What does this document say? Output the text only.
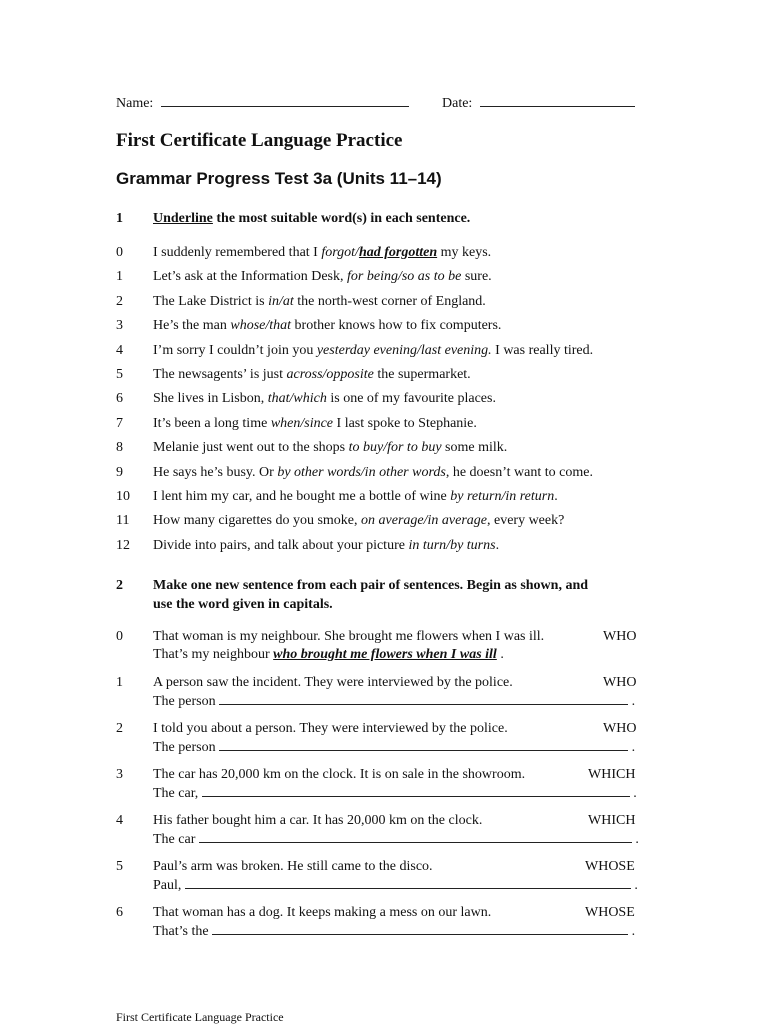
Name:	Date:
First Certificate Language Practice
Grammar Progress Test 3a (Units 11–14)
1 Underline the most suitable word(s) in each sentence.
0 I suddenly remembered that I forgot/had forgotten my keys.
1 Let’s ask at the Information Desk, for being/so as to be sure.
2 The Lake District is in/at the north-west corner of England.
3 He’s the man whose/that brother knows how to fix computers.
4 I’m sorry I couldn’t join you yesterday evening/last evening. I was really tired.
5 The newsagents’ is just across/opposite the supermarket.
6 She lives in Lisbon, that/which is one of my favourite places.
7 It’s been a long time when/since I last spoke to Stephanie.
8 Melanie just went out to the shops to buy/for to buy some milk.
9 He says he’s busy. Or by other words/in other words, he doesn’t want to come.
10 I lent him my car, and he bought me a bottle of wine by return/in return.
11 How many cigarettes do you smoke, on average/in average, every week?
12 Divide into pairs, and talk about your picture in turn/by turns.
2 Make one new sentence from each pair of sentences. Begin as shown, and
use the word given in capitals.
0 That woman is my neighbour. She brought me flowers when I was ill.	WHO
That’s my neighbour who brought me flowers when I was ill .
1 A person saw the incident. They were interviewed by the police.	WHO
The person	.
2 I told you about a person. They were interviewed by the police.	WHO
The person	.
3 The car has 20,000 km on the clock. It is on sale in the showroom.	WHICH
The car,	.
4 His father bought him a car. It has 20,000 km on the clock.	WHICH
The car	.
5 Paul’s arm was broken. He still came to the disco.	WHOSE
Paul,	.
6 That woman has a dog. It keeps making a mess on our lawn.	WHOSE
That’s the	.
First Certificate Language Practice
